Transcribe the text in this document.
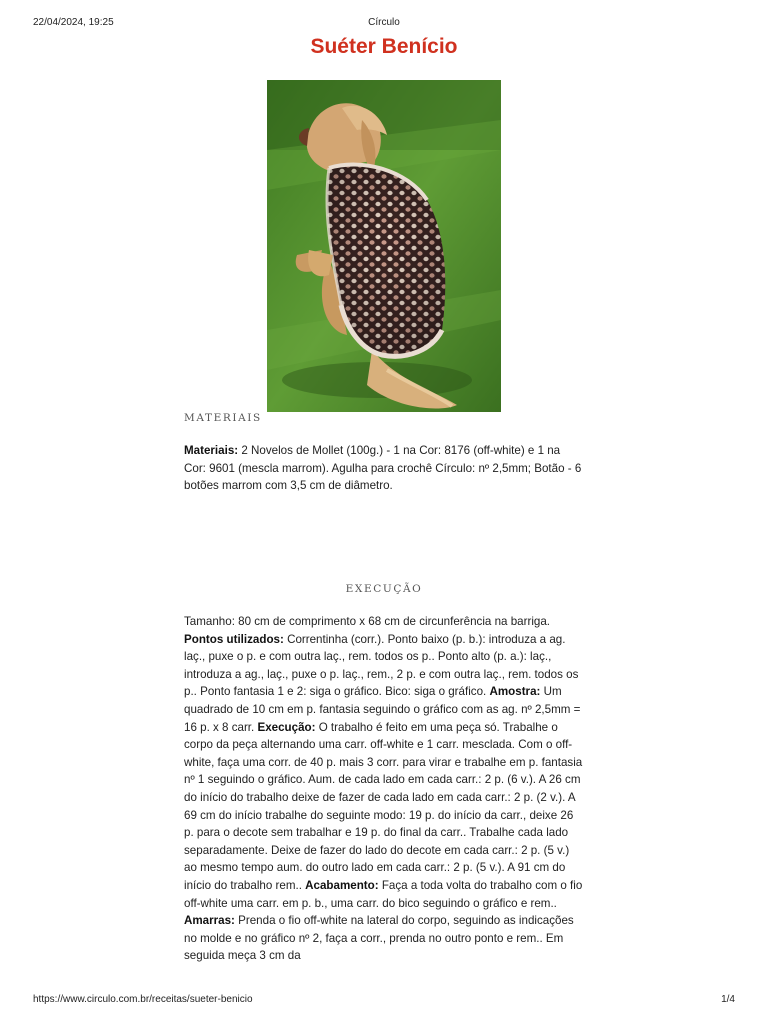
22/04/2024, 19:25	Círculo
Suéter Benício
MATERIAIS

Materiais: 2 Novelos de Mollet (100g.) - 1 na Cor: 8176 (off-white) e 1 na Cor: 9601 (mescla marrom). Agulha para crochê Círculo: nº 2,5mm; Botão - 6 botões marrom com 3,5 cm de diâmetro.

EXECUÇÃO

Tamanho: 80 cm de comprimento x 68 cm de circunferência na barriga. Pontos utilizados: Correntinha (corr.). Ponto baixo (p. b.): introduza a ag. laç., puxe o p. e com outra laç., rem. todos os p.. Ponto alto (p. a.): laç., introduza a ag., laç., puxe o p. laç., rem., 2 p. e com outra laç., rem. todos os p.. Ponto fantasia 1 e 2: siga o gráfico. Bico: siga o gráfico. Amostra: Um quadrado de 10 cm em p. fantasia seguindo o gráfico com as ag. nº 2,5mm = 16 p. x 8 carr. Execução: O trabalho é feito em uma peça só. Trabalhe o corpo da peça alternando uma carr. off-white e 1 carr. mesclada. Com o off-white, faça uma corr. de 40 p. mais 3 corr. para virar e trabalhe em p. fantasia nº 1 seguindo o gráfico. Aum. de cada lado em cada carr.: 2 p. (6 v.). A 26 cm do início do trabalho deixe de fazer de cada lado em cada carr.: 2 p. (2 v.). A 69 cm do início trabalhe do seguinte modo: 19 p. do início da carr., deixe 26 p. para o decote sem trabalhar e 19 p. do final da carr.. Trabalhe cada lado separadamente. Deixe de fazer do lado do decote em cada carr.: 2 p. (5 v.) ao mesmo tempo aum. do outro lado em cada carr.: 2 p. (5 v.). A 91 cm do início do trabalho rem.. Acabamento: Faça a toda volta do trabalho com o fio off-white uma carr. em p. b., uma carr. do bico seguindo o gráfico e rem.. Amarras: Prenda o fio off-white na lateral do corpo, seguindo as indicações no molde e no gráfico nº 2, faça a corr., prenda no outro ponto e rem.. Em seguida meça 3 cm da

https://www.circulo.com.br/receitas/sueter-benicio	1/4
